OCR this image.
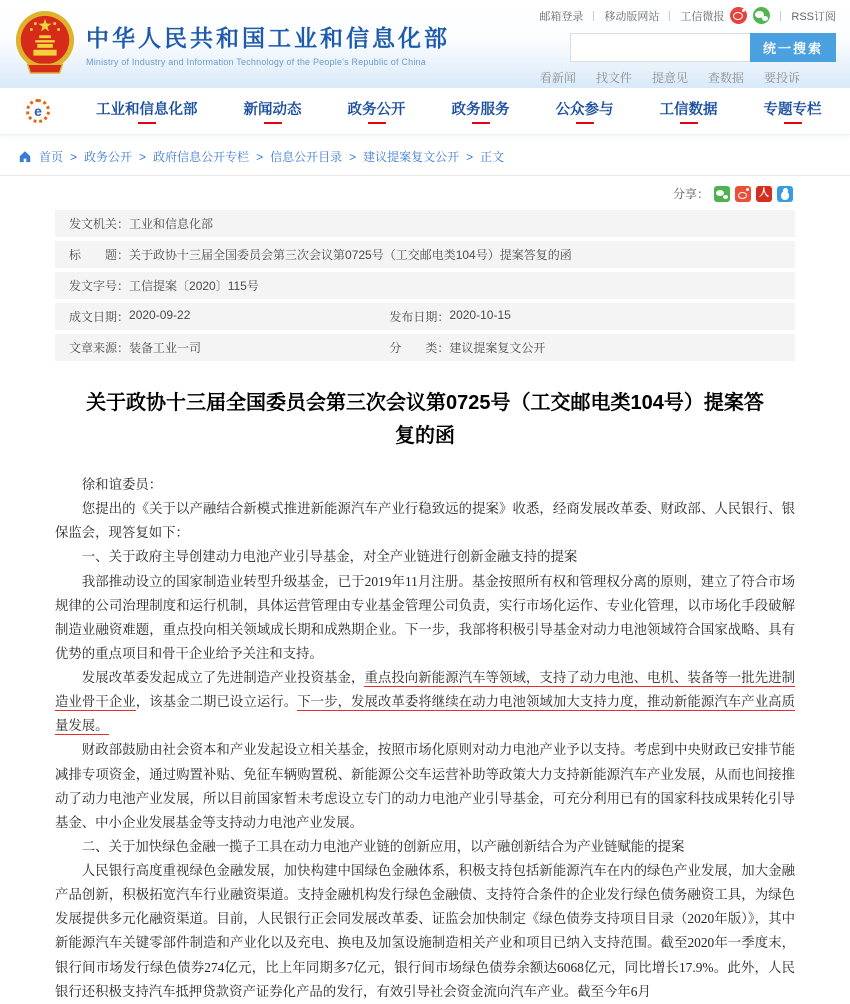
中华人民共和国工业和信息化部
Ministry of Industry and Information Technology of the People's Republic of China
邮箱登录 移动版网站 工信微报	RSS订阅
统一搜索
看新闻 找文件 提意见 查数据 要投诉
e	工业和信息化部	新闻动态	政务公开	政务服务	公众参与	工信数据	专题专栏
首页 > 政务公开 > 政府信息公开专栏 > 信息公开目录 > 建议提案复文公开 > 正文
分享：	人
发文机关： 工业和信息化部
标　　题： 关于政协十三届全国委员会第三次会议第0725号（工交邮电类104号）提案答复的函
发文字号： 工信提案〔2020〕115号
成文日期： 2020-09-22	发布日期： 2020-10-15
文章来源： 装备工业一司	分　　类： 建议提案复文公开
关于政协十三届全国委员会第三次会议第0725号（工交邮电类104号）提案答复的函

徐和谊委员：

您提出的《关于以产融结合新模式推进新能源汽车产业行稳致远的提案》收悉，经商发展改革委、财政部、人民银行、银保监会，现答复如下：

一、关于政府主导创建动力电池产业引导基金，对全产业链进行创新金融支持的提案

我部推动设立的国家制造业转型升级基金，已于2019年11月注册。基金按照所有权和管理权分离的原则，建立了符合市场规律的公司治理制度和运行机制，具体运营管理由专业基金管理公司负责，实行市场化运作、专业化管理，以市场化手段破解制造业融资难题，重点投向相关领域成长期和成熟期企业。下一步，我部将积极引导基金对动力电池领域符合国家战略、具有优势的重点项目和骨干企业给予关注和支持。

发展改革委发起成立了先进制造产业投资基金，重点投向新能源汽车等领域，支持了动力电池、电机、装备等一批先进制造业骨干企业，该基金二期已设立运行。下一步，发展改革委将继续在动力电池领域加大支持力度，推动新能源汽车产业高质量发展。

财政部鼓励由社会资本和产业发起设立相关基金，按照市场化原则对动力电池产业予以支持。考虑到中央财政已安排节能减排专项资金，通过购置补贴、免征车辆购置税、新能源公交车运营补助等政策大力支持新能源汽车产业发展，从而也间接推动了动力电池产业发展，所以目前国家暂未考虑设立专门的动力电池产业引导基金，可充分利用已有的国家科技成果转化引导基金、中小企业发展基金等支持动力电池产业发展。

二、关于加快绿色金融一揽子工具在动力电池产业链的创新应用，以产融创新结合为产业链赋能的提案

人民银行高度重视绿色金融发展，加快构建中国绿色金融体系，积极支持包括新能源汽车在内的绿色产业发展，加大金融产品创新，积极拓宽汽车行业融资渠道。支持金融机构发行绿色金融债、支持符合条件的企业发行绿色债务融资工具，为绿色发展提供多元化融资渠道。目前，人民银行正会同发展改革委、证监会加快制定《绿色债券支持项目目录（2020年版）》，其中新能源汽车关键零部件制造和产业化以及充电、换电及加氢设施制造相关产业和项目已纳入支持范围。截至2020年一季度末，银行间市场发行绿色债券274亿元，比上年同期多7亿元，银行间市场绿色债券余额达6068亿元，同比增长17.9%。此外，人民银行还积极支持汽车抵押贷款资产证券化产品的发行，有效引导社会资金流向汽车产业。截至今年6月
